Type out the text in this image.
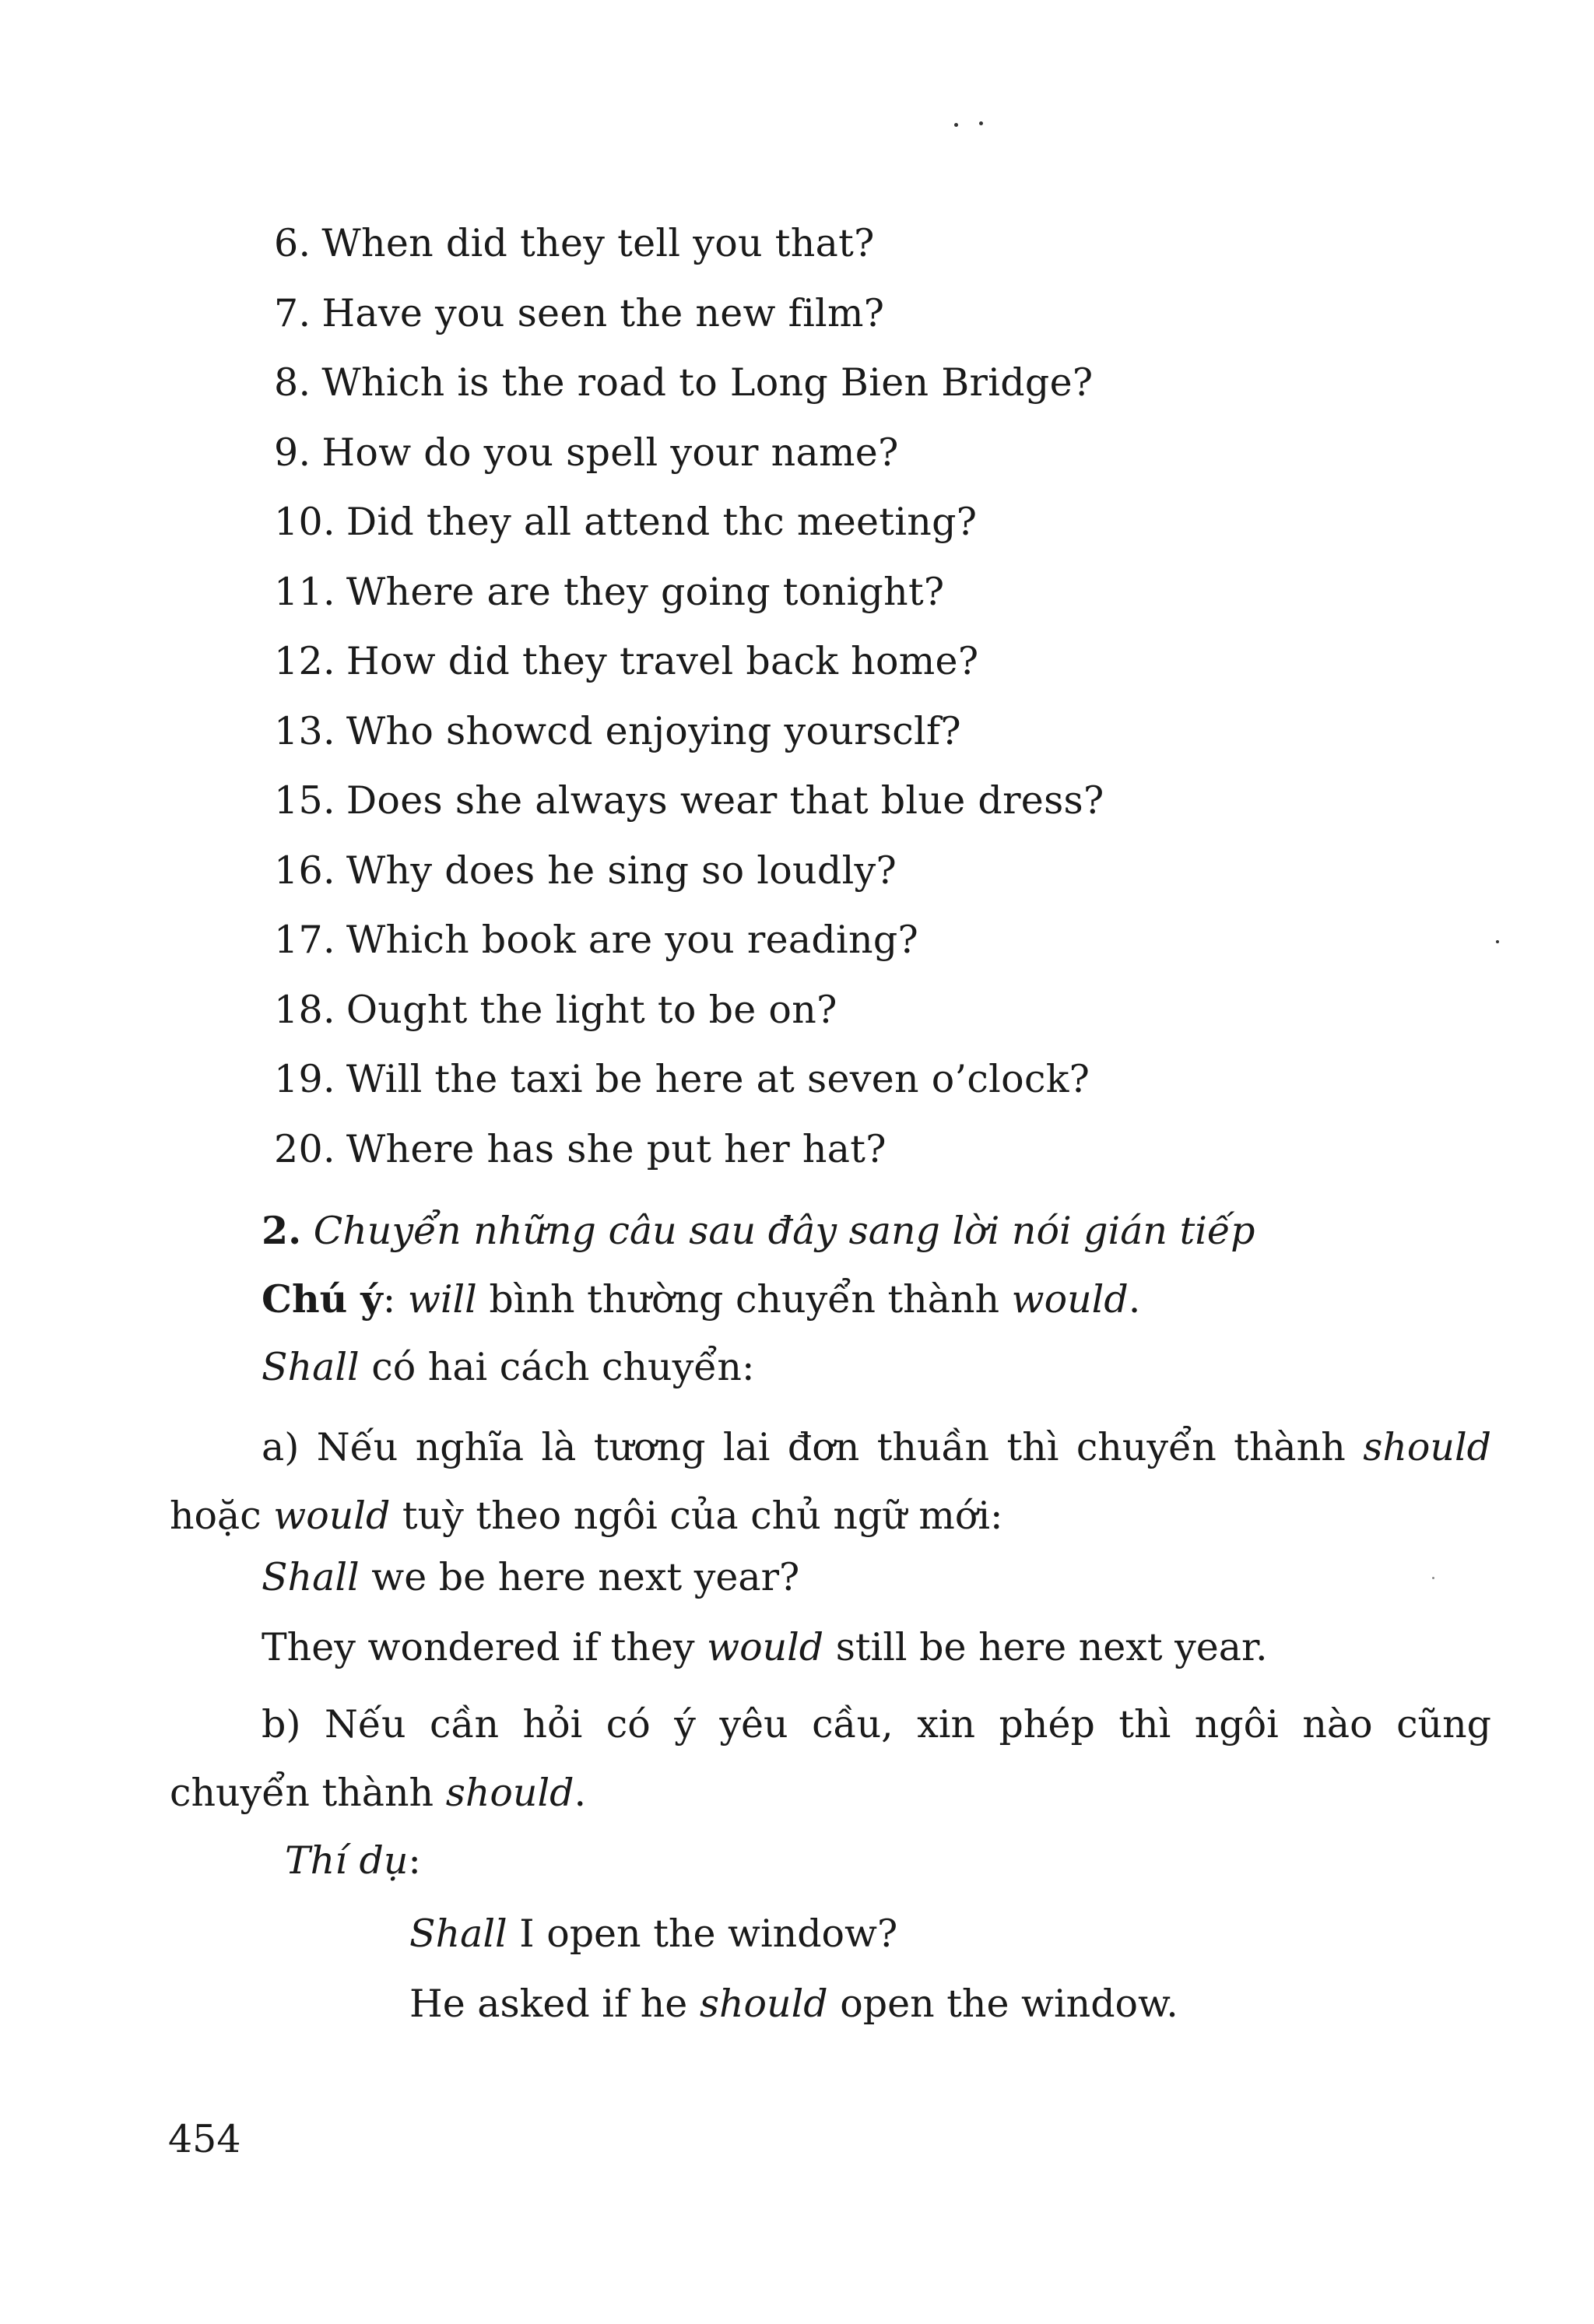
6. When did they tell you that?
7. Have you seen the new film?
8. Which is the road to Long Bien Bridge?
9. How do you spell your name?
10. Did they all attend thc meeting?
11. Where are they going tonight?
12. How did they travel back home?
13. Who showcd enjoying yoursclf?
15. Does she always wear that blue dress?
16. Why does he sing so loudly?
17. Which book are you reading?
18. Ought the light to be on?
19. Will the taxi be here at seven o’clock?
20. Where has she put her hat?
2. Chuyển những câu sau đây sang lời nói gián tiếp
Chú ý: will bình thường chuyển thành would.
Shall có hai cách chuyển:
a) Nếu nghĩa là tương lai đơn thuần thì chuyển thành should hoặc would tuỳ theo ngôi của chủ ngữ mới:
Shall we be here next year?
They wondered if they would still be here next year.
b) Nếu cần hỏi có ý yêu cầu, xin phép thì ngôi nào cũng chuyển thành should.
Thí dụ:
Shall I open the window?
He asked if he should open the window.
454
